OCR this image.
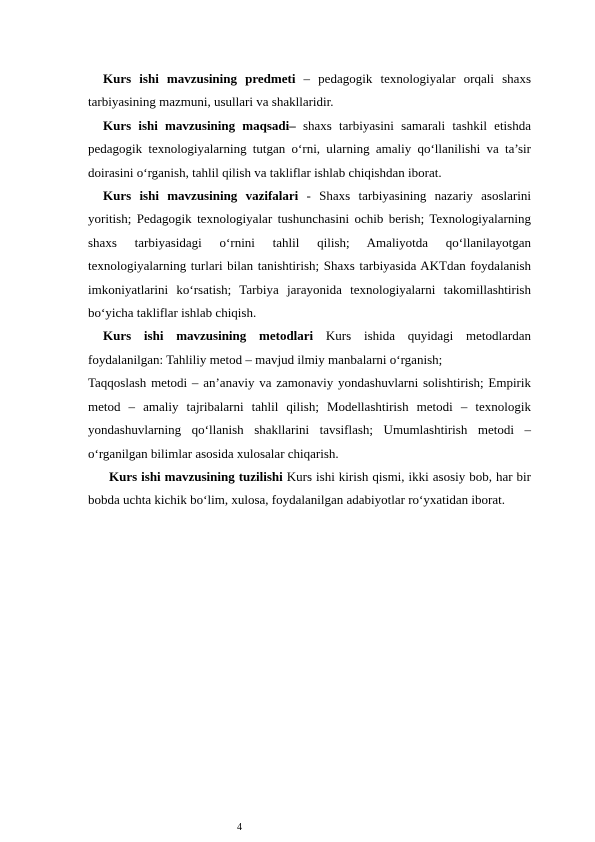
Kurs ishi mavzusining predmeti – pedagogik texnologiyalar orqali shaxs tarbiyasining mazmuni, usullari va shakllaridir.

Kurs ishi mavzusining maqsadi– shaxs tarbiyasini samarali tashkil etishda pedagogik texnologiyalarning tutgan o‘rni, ularning amaliy qo‘llanilishi va ta’sir doirasini o‘rganish, tahlil qilish va takliflar ishlab chiqishdan iborat.

Kurs ishi mavzusining vazifalari - Shaxs tarbiyasining nazariy asoslarini yoritish; Pedagogik texnologiyalar tushunchasini ochib berish; Texnologiyalarning shaxs tarbiyasidagi o‘rnini tahlil qilish; Amaliyotda qo‘llanilayotgan texnologiyalarning turlari bilan tanishtirish; Shaxs tarbiyasida AKTdan foydalanish imkoniyatlarini ko‘rsatish; Tarbiya jarayonida texnologiyalarni takomillashtirish bo‘yicha takliflar ishlab chiqish.

Kurs ishi mavzusining metodlari Kurs ishida quyidagi metodlardan foydalanilgan: Tahliliy metod – mavjud ilmiy manbalarni o‘rganish;

Taqqoslash metodi – an’anaviy va zamonaviy yondashuvlarni solishtirish; Empirik metod – amaliy tajribalarni tahlil qilish; Modellashtirish metodi – texnologik yondashuvlarning qo‘llanish shakllarini tavsiflash; Umumlashtirish metodi – o‘rganilgan bilimlar asosida xulosalar chiqarish.

Kurs ishi mavzusining tuzilishi Kurs ishi kirish qismi, ikki asosiy bob, har bir bobda uchta kichik bo‘lim, xulosa, foydalanilgan adabiyotlar ro‘yxatidan iborat.

4
